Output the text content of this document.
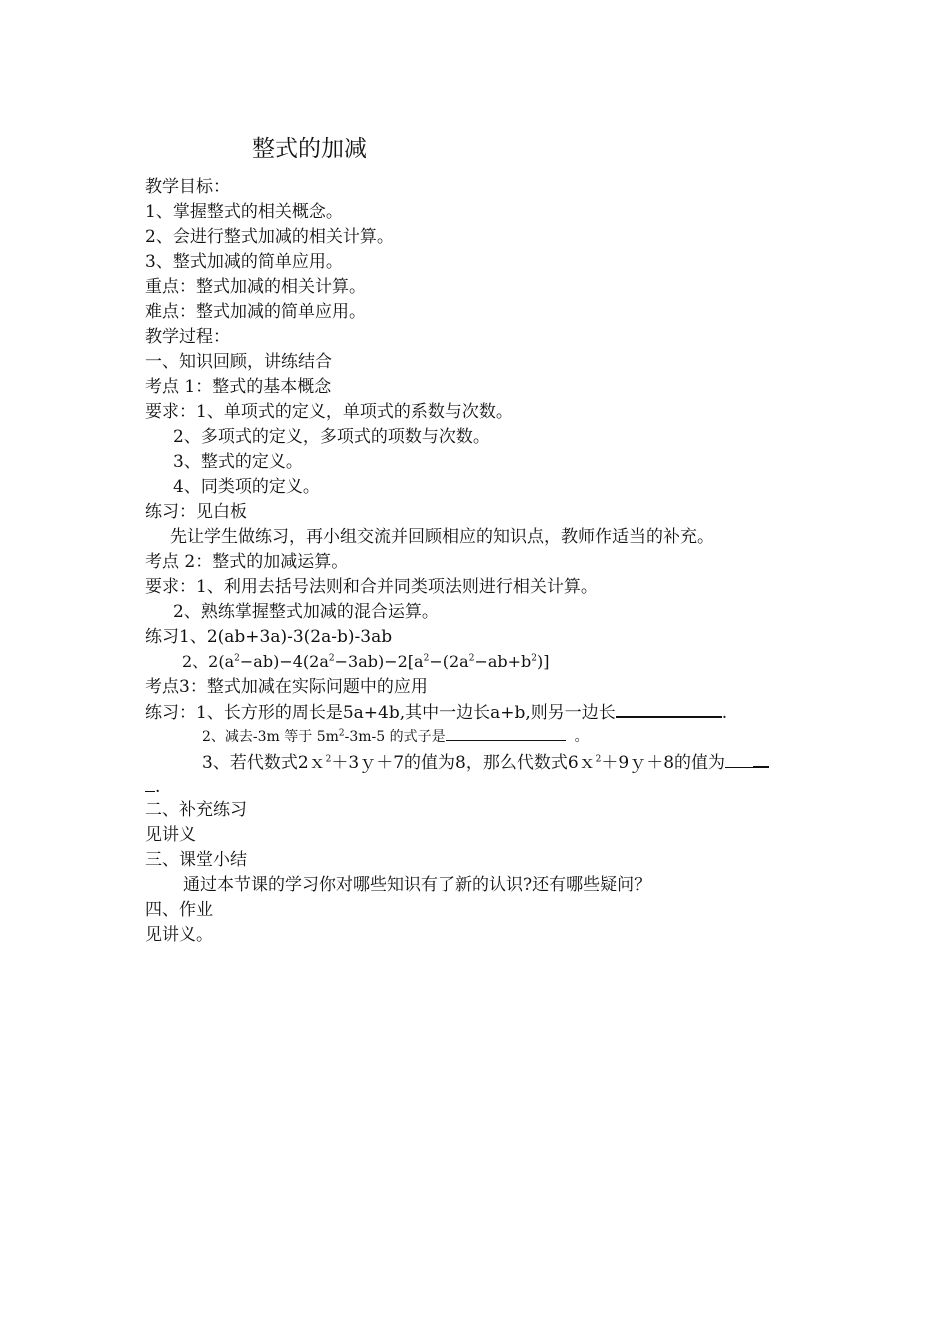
整式的加减
教学目标：
1、掌握整式的相关概念。
2、会进行整式加减的相关计算。
3、整式加减的简单应用。
重点：整式加减的相关计算。
难点：整式加减的简单应用。
教学过程：
一、知识回顾，讲练结合
考点 1：整式的基本概念
要求：1、单项式的定义，单项式的系数与次数。
2、多项式的定义，多项式的项数与次数。
3、整式的定义。
4、同类项的定义。
练习：见白板
先让学生做练习，再小组交流并回顾相应的知识点，教师作适当的补充。
考点 2：整式的加减运算。
要求：1、利用去括号法则和合并同类项法则进行相关计算。
2、熟练掌握整式加减的混合运算。
练习1、2(ab+3a)-3(2a-b)-3ab
2、$2(a^2-ab)-4(2a^2-3ab)-2[a^2-(2a^2-ab+b^2)]$
考点3：整式加减在实际问题中的应用
练习：1、长方形的周长是5a+4b,其中一边长a+b,则另一边长	.
2、减去-3m 等于 $5m^2-3m-5$ 的式子是	。
3、若代数式2ｘ$^2$＋3ｙ＋7的值为8，那么代数式6ｘ$^2$＋9ｙ＋8的值为
.
二、补充练习
见讲义
三、课堂小结
通过本节课的学习你对哪些知识有了新的认识?还有哪些疑问？
四、作业
见讲义。
